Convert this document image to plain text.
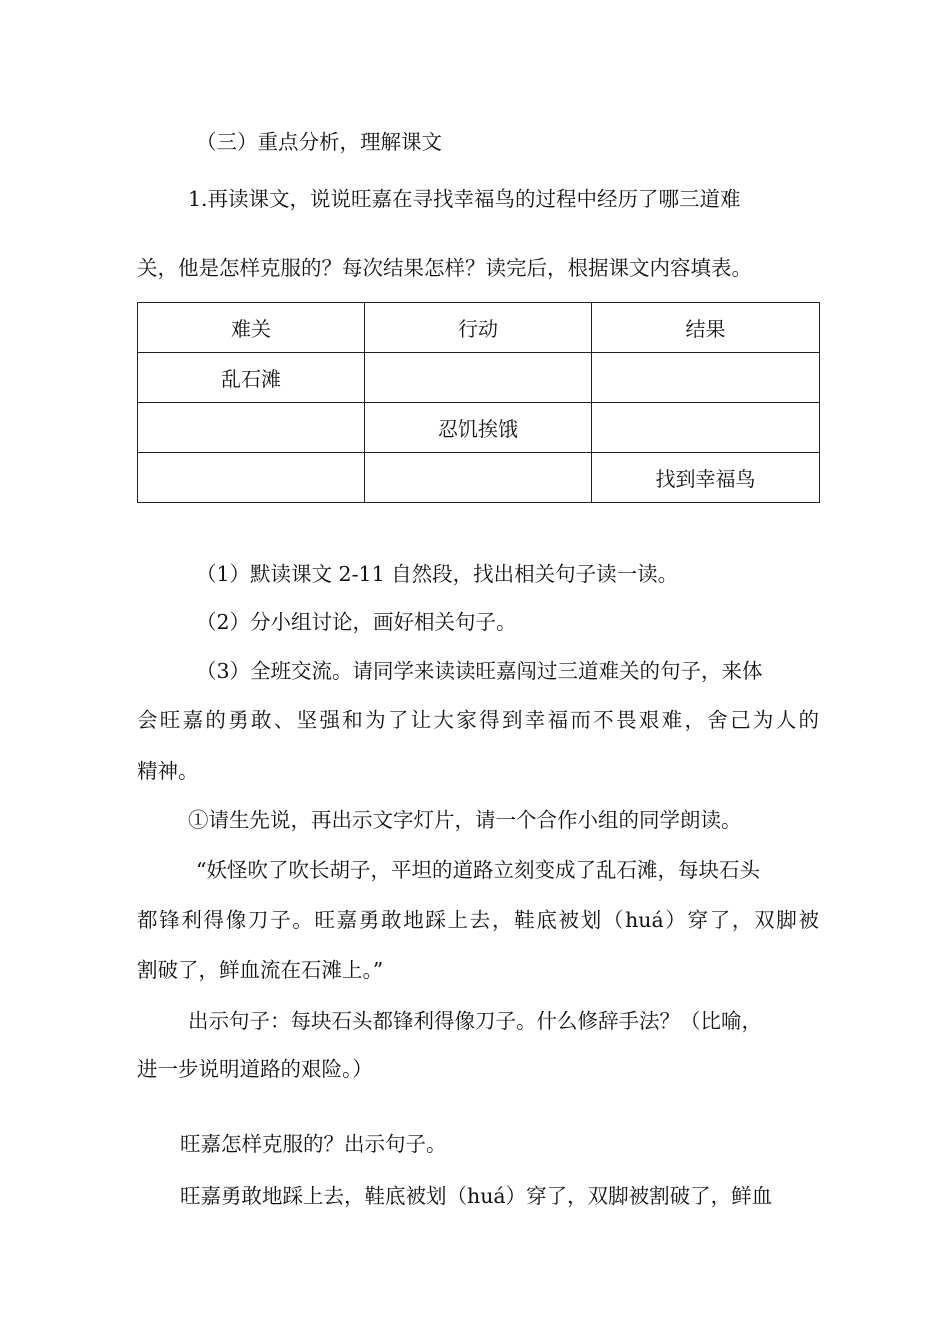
（三）重点分析，理解课文
1.再读课文，说说旺嘉在寻找幸福鸟的过程中经历了哪三道难
关，他是怎样克服的？每次结果怎样？读完后，根据课文内容填表。
难关	行动	结果
乱石滩		
	忍饥挨饿	
		找到幸福鸟
（1）默读课文 2-11 自然段，找出相关句子读一读。
（2）分小组讨论，画好相关句子。
（3）全班交流。请同学来读读旺嘉闯过三道难关的句子，来体
会旺嘉的勇敢、坚强和为了让大家得到幸福而不畏艰难，舍己为人的
精神。
①请生先说，再出示文字灯片，请一个合作小组的同学朗读。
“妖怪吹了吹长胡子，平坦的道路立刻变成了乱石滩，每块石头
都锋利得像刀子。旺嘉勇敢地踩上去，鞋底被划（huá）穿了，双脚被
割破了，鲜血流在石滩上。”
出示句子：每块石头都锋利得像刀子。什么修辞手法？（比喻，
进一步说明道路的艰险。）
旺嘉怎样克服的？出示句子。
旺嘉勇敢地踩上去，鞋底被划（huá）穿了，双脚被割破了，鲜血
